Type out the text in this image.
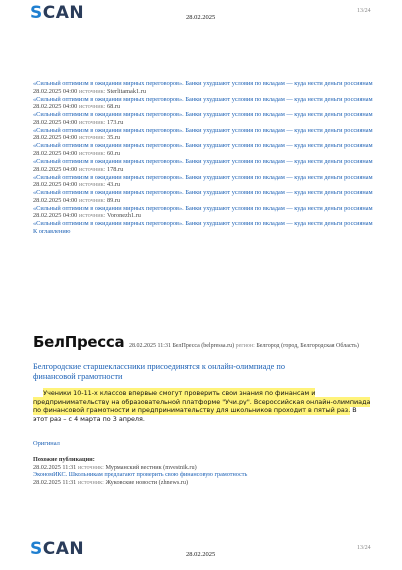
SCAN	28.02.2025
13/24
«Сильный оптимизм в ожидании мирных переговоров». Банки ухудшают условия по вкладам — куда нести деньги россиянам
28.02.2025 04:00 источник: Sterlitamak1.ru
«Сильный оптимизм в ожидании мирных переговоров». Банки ухудшают условия по вкладам — куда нести деньги россиянам
28.02.2025 04:00 источник: 68.ru
«Сильный оптимизм в ожидании мирных переговоров». Банки ухудшают условия по вкладам — куда нести деньги россиянам
28.02.2025 04:00 источник: 173.ru
«Сильный оптимизм в ожидании мирных переговоров». Банки ухудшают условия по вкладам — куда нести деньги россиянам
28.02.2025 04:00 источник: 35.ru
«Сильный оптимизм в ожидании мирных переговоров». Банки ухудшают условия по вкладам — куда нести деньги россиянам
28.02.2025 04:00 источник: 60.ru
«Сильный оптимизм в ожидании мирных переговоров». Банки ухудшают условия по вкладам — куда нести деньги россиянам
28.02.2025 04:00 источник: 178.ru
«Сильный оптимизм в ожидании мирных переговоров». Банки ухудшают условия по вкладам — куда нести деньги россиянам
28.02.2025 04:00 источник: 43.ru
«Сильный оптимизм в ожидании мирных переговоров». Банки ухудшают условия по вкладам — куда нести деньги россиянам
28.02.2025 04:00 источник: 89.ru
«Сильный оптимизм в ожидании мирных переговоров». Банки ухудшают условия по вкладам — куда нести деньги россиянам
28.02.2025 04:00 источник: Voronezh1.ru
«Сильный оптимизм в ожидании мирных переговоров». Банки ухудшают условия по вкладам — куда нести деньги россиянам
К оглавлению
БелПресса 28.02.2025 11:31 БелПресса (belpressa.ru) регион: Белгород (город, Белгородская Область)
Белгородские старшеклассники присоединятся к онлайн-олимпиаде по финансовой грамотности
Ученики 10-11-х классов впервые смогут проверить свои знания по финансам и предпринимательству на образовательной платформе "Учи.ру". Всероссийская онлайн-олимпиада по финансовой грамотности и предпринимательству для школьников проходит в пятый раз. В этот раз – с 4 марта по 3 апреля.
Оригинал
Похожие публикации:
28.02.2025 11:31 источник: Мурманский вестник (mvestnik.ru)
ЭкономИКС. Школьникам предлагают проверить свою финансовую грамотность
28.02.2025 11:31 источник: Жуковские новости (zhnews.ru)
SCAN	28.02.2025
13/24
